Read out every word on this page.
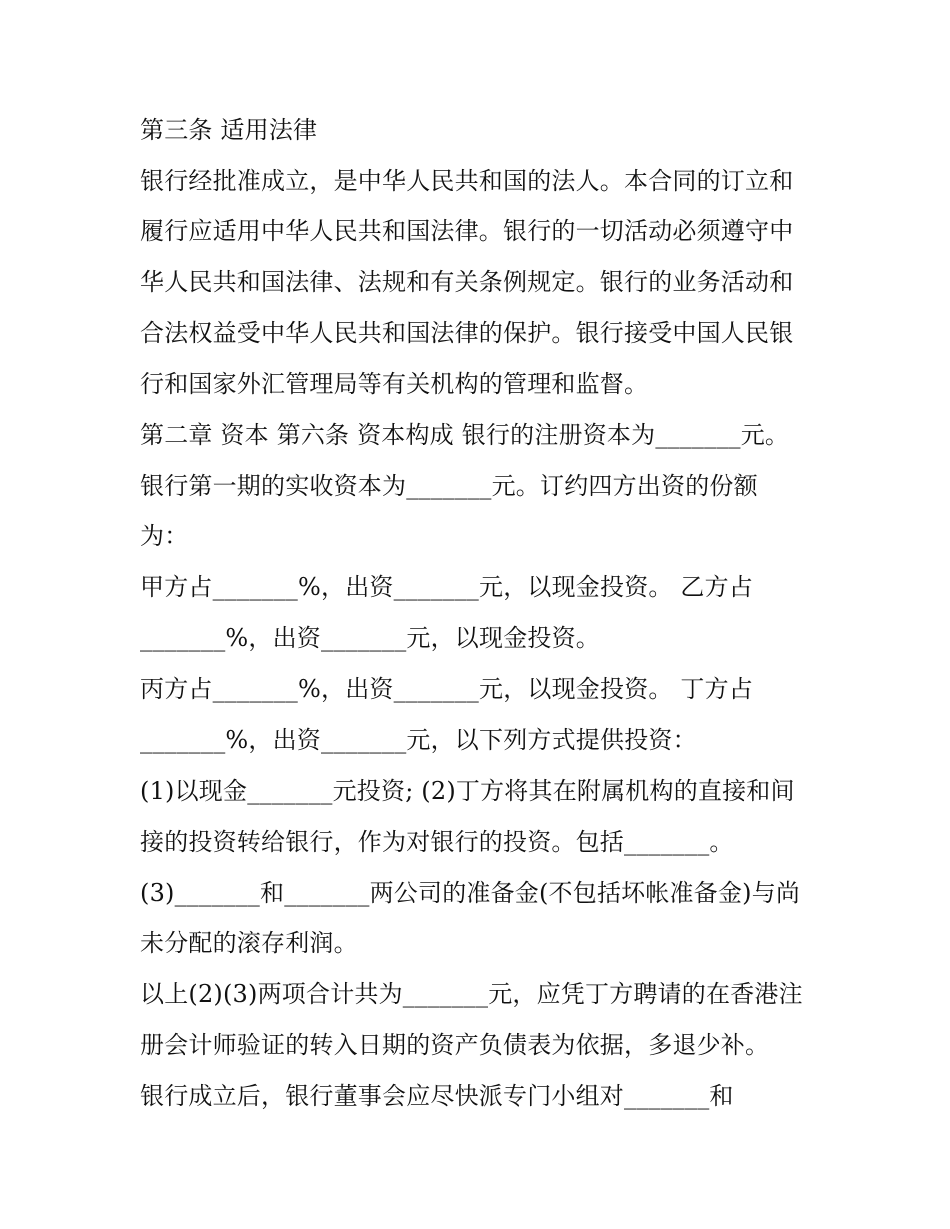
第三条 适用法律
银行经批准成立，是中华人民共和国的法人。本合同的订立和
履行应适用中华人民共和国法律。银行的一切活动必须遵守中
华人民共和国法律、法规和有关条例规定。银行的业务活动和
合法权益受中华人民共和国法律的保护。银行接受中国人民银
行和国家外汇管理局等有关机构的管理和监督。
第二章 资本 第六条 资本构成 银行的注册资本为_______元。
银行第一期的实收资本为_______元。订约四方出资的份额
为：
甲方占_______%，出资_______元，以现金投资。 乙方占
_______%，出资_______元，以现金投资。
丙方占_______%，出资_______元，以现金投资。 丁方占
_______%，出资_______元，以下列方式提供投资：
(1)以现金_______元投资; (2)丁方将其在附属机构的直接和间
接的投资转给银行，作为对银行的投资。包括_______。
(3)_______和_______两公司的准备金(不包括坏帐准备金)与尚
未分配的滚存利润。
以上(2)(3)两项合计共为_______元，应凭丁方聘请的在香港注
册会计师验证的转入日期的资产负债表为依据，多退少补。
银行成立后，银行董事会应尽快派专门小组对_______和
